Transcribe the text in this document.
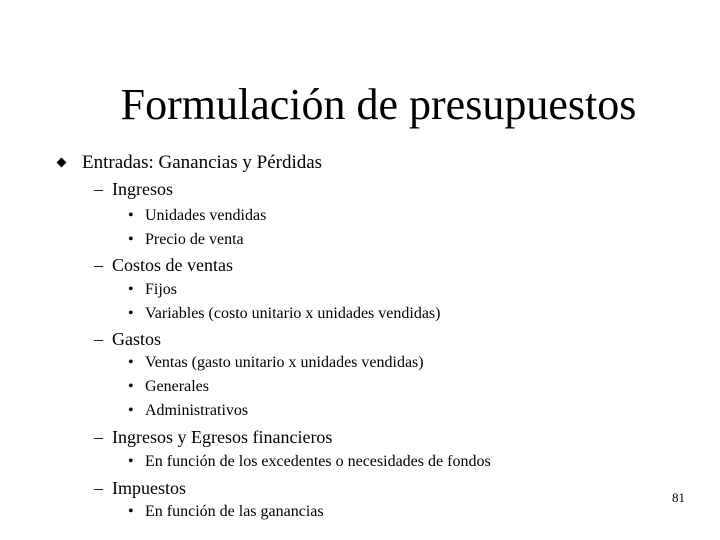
Formulación de presupuestos
Entradas: Ganancias y Pérdidas
– Ingresos
• Unidades vendidas
• Precio de venta
– Costos de ventas
• Fijos
• Variables (costo unitario x unidades vendidas)
– Gastos
• Ventas (gasto unitario x unidades vendidas)
• Generales
• Administrativos
– Ingresos y Egresos financieros
• En función de los excedentes o necesidades de fondos
– Impuestos
• En función de las ganancias
81
